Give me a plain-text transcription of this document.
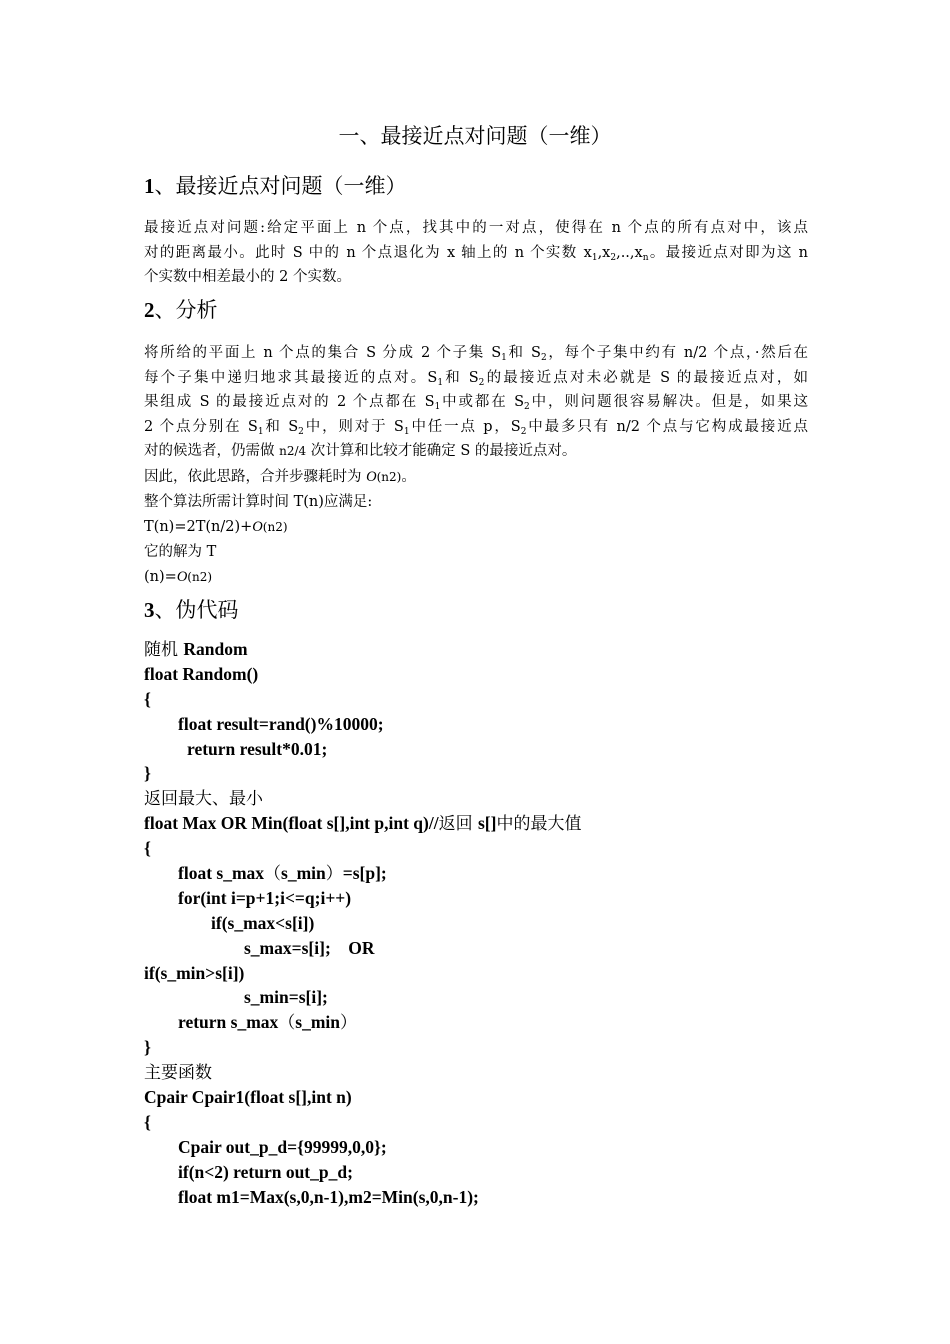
一、最接近点对问题（一维）
1、最接近点对问题（一维）
最接近点对问题:给定平面上 n 个点，找其中的一对点，使得在 n 个点的所有点对中，该点
对的距离最小。此时 S 中的 n 个点退化为 x 轴上的 n 个实数 $x_1,x_2,..,x_n$。最接近点对即为这 n
个实数中相差最小的 2 个实数。
2、分析
将所给的平面上 n 个点的集合 S 分成 2 个子集 $S_1$和 $S_2$，每个子集中约有 n/2 个点，·然后在
每个子集中递归地求其最接近的点对。$S_1$和 $S_2$的最接近点对未必就是 S 的最接近点对，如
果组成 S 的最接近点对的 2 个点都在 $S_1$中或都在 $S_2$中，则问题很容易解决。但是，如果这
2 个点分别在 $S_1$和 $S_2$中，则对于 $S_1$中任一点 p，$S_2$中最多只有 n/2 个点与它构成最接近点
对的候选者，仍需做 n2/4 次计算和比较才能确定 S 的最接近点对。
因此，依此思路，合并步骤耗时为 O(n2)。
整个算法所需计算时间 T(n)应满足:
T(n)=2T(n/2)+O(n2)
它的解为 T
(n)=O(n2)
3、伪代码
随机 Random
float Random()
{
float result=rand()%10000;
return result*0.01;
}
返回最大、最小
float Max OR Min(float s[],int p,int q)//返回 s[]中的最大值
{
float s_max（s_min）=s[p];
for(int i=p+1;i<=q;i++)
if(s_max<s[i])
s_max=s[i];    OR
if(s_min>s[i])
s_min=s[i];
return s_max（s_min）
}
主要函数
Cpair Cpair1(float s[],int n)
{
Cpair out_p_d={99999,0,0};
if(n<2) return out_p_d;
float m1=Max(s,0,n-1),m2=Min(s,0,n-1);
